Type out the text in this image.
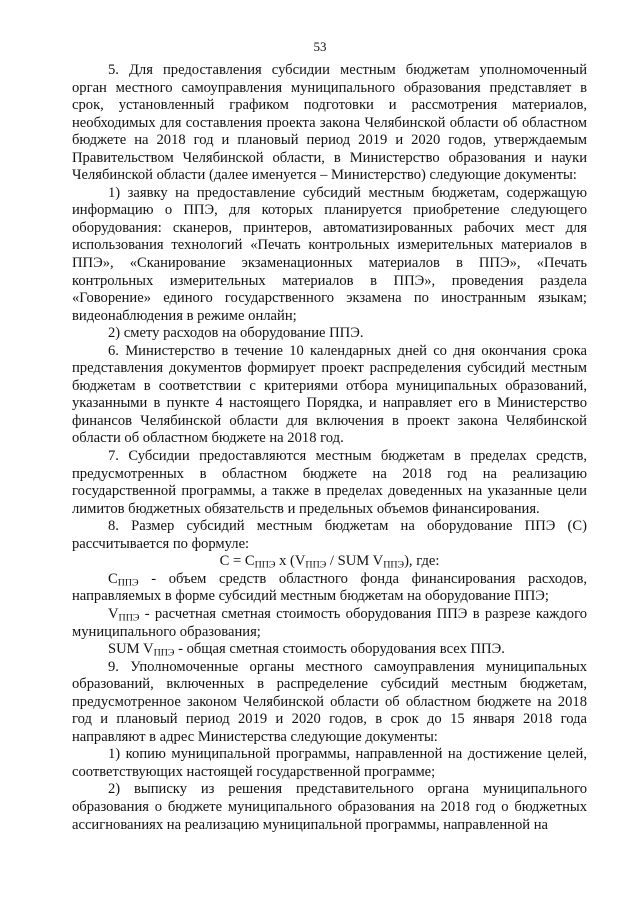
53

5. Для предоставления субсидии местным бюджетам уполномоченный орган местного самоуправления муниципального образования представляет в срок, установленный графиком подготовки и рассмотрения материалов, необходимых для составления проекта закона Челябинской области об областном бюджете на 2018 год и плановый период 2019 и 2020 годов, утверждаемым Правительством Челябинской области, в Министерство образования и науки Челябинской области (далее именуется – Министерство) следующие документы:

1) заявку на предоставление субсидий местным бюджетам, содержащую информацию о ППЭ, для которых планируется приобретение следующего оборудования: сканеров, принтеров, автоматизированных рабочих мест для использования технологий «Печать контрольных измерительных материалов в ППЭ», «Сканирование экзаменационных материалов в ППЭ», «Печать контрольных измерительных материалов в ППЭ», проведения раздела «Говорение» единого государственного экзамена по иностранным языкам; видеонаблюдения в режиме онлайн;

2) смету расходов на оборудование ППЭ.

6. Министерство в течение 10 календарных дней со дня окончания срока представления документов формирует проект распределения субсидий местным бюджетам в соответствии с критериями отбора муниципальных образований, указанными в пункте 4 настоящего Порядка, и направляет его в Министерство финансов Челябинской области для включения в проект закона Челябинской области об областном бюджете на 2018 год.

7. Субсидии предоставляются местным бюджетам в пределах средств, предусмотренных в областном бюджете на 2018 год на реализацию государственной программы, а также в пределах доведенных на указанные цели лимитов бюджетных обязательств и предельных объемов финансирования.

8. Размер субсидий местным бюджетам на оборудование ППЭ (С) рассчитывается по формуле:

$C = C_{ППЭ}$ x ($V_{ППЭ}$ / SUM $V_{ППЭ}$), где:

$C_{ППЭ}$ - объем средств областного фонда финансирования расходов, направляемых в форме субсидий местным бюджетам на оборудование ППЭ;

$V_{ППЭ}$ - расчетная сметная стоимость оборудования ППЭ в разрезе каждого муниципального образования;

SUM $V_{ППЭ}$ - общая сметная стоимость оборудования всех ППЭ.

9. Уполномоченные органы местного самоуправления муниципальных образований, включенных в распределение субсидий местным бюджетам, предусмотренное законом Челябинской области об областном бюджете на 2018 год и плановый период 2019 и 2020 годов, в срок до 15 января 2018 года направляют в адрес Министерства следующие документы:

1) копию муниципальной программы, направленной на достижение целей, соответствующих настоящей государственной программе;

2) выписку из решения представительного органа муниципального образования о бюджете муниципального образования на 2018 год о бюджетных ассигнованиях на реализацию муниципальной программы, направленной на
